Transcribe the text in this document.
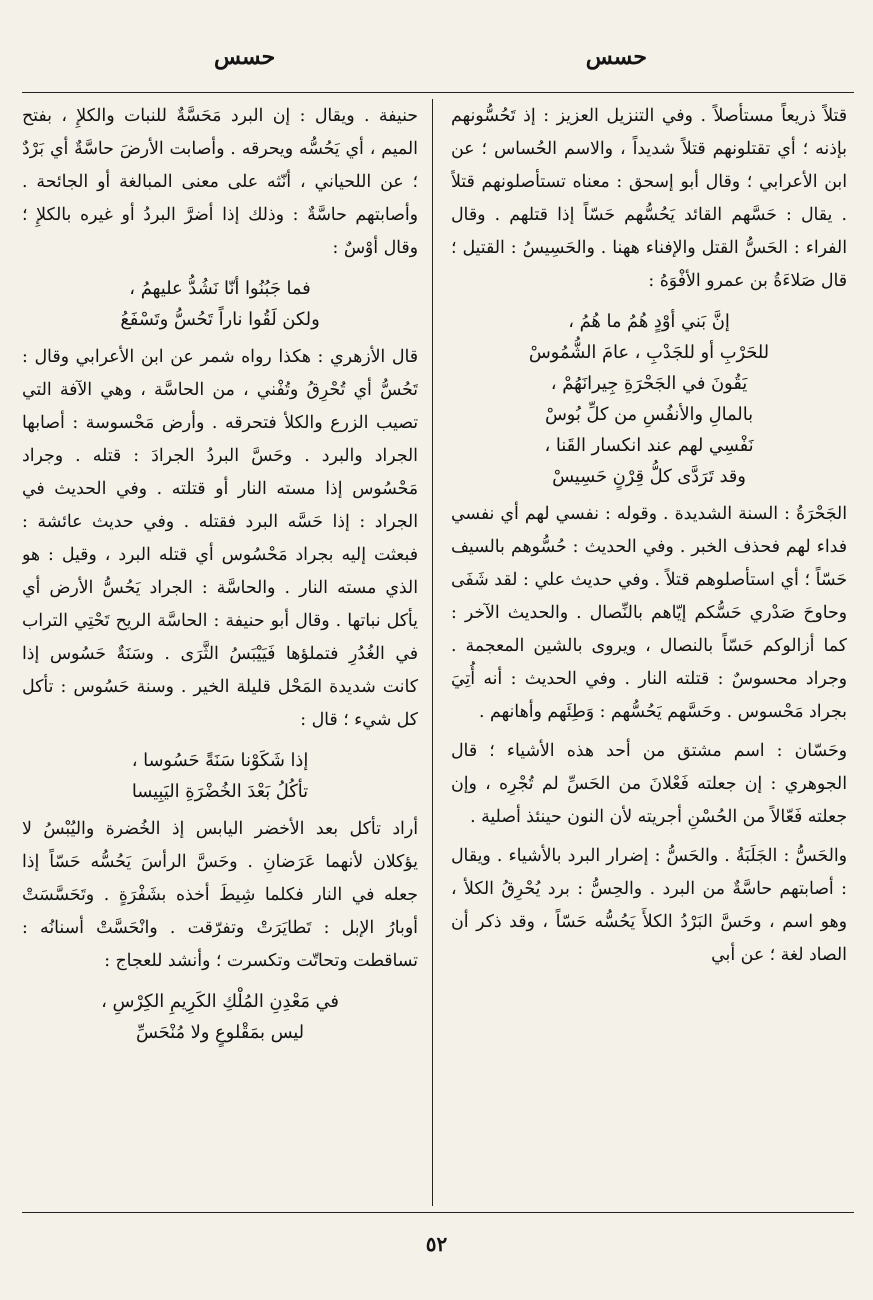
حسس
حسس

قتلاً ذريعاً مستأصلاً . وفي التنزيل العزيز : إذ تَحُسُّونهم بإذنه ؛ أي تقتلونهم قتلاً شديداً ، والاسم الحُساس ؛ عن ابن الأعرابي ؛ وقال أبو إسحق : معناه تستأصلونهم قتلاً . يقال : حَسَّهم القائد يَحُسُّهم حَسّاً إذا قتلهم . وقال الفراء : الحَسُّ القتل والإفناء ههنا . والحَسِيسُ : القتيل ؛ قال صَلاءَةُ بن عمرو الأفْوَهُ :

إنَّ بَني أوْدٍ هُمُ ما هُمُ ،
للحَرْبِ أو للجَدْبِ ، عامَ الشُّمُوسْ
يَقُونَ في الجَحْرَةِ جِيرانَهُمْ ،
بالمالِ والأنفُسِ من كلِّ بُوسْ
نَفْسِي لهم عند انكسار القَنا ،
وقد تَرَدَّى كلُّ قِرْنٍ حَسِيسْ

الجَحْرَةُ : السنة الشديدة . وقوله : نفسي لهم أي نفسي فداء لهم فحذف الخبر . وفي الحديث : حُسُّوهم بالسيف حَسّاً ؛ أي استأصلوهم قتلاً . وفي حديث علي : لقد شَفَى وحاوحَ صَدْري حَسُّكم إيّاهم بالنِّصال . والحديث الآخر : كما أزالوكم حَسّاً بالنصال ، ويروى بالشين المعجمة . وجراد محسوسٌ : قتلته النار . وفي الحديث : أنه أُتِيَ بجراد مَحْسوس . وحَسَّهم يَحُسُّهم : وَطِئَهم وأهانهم .

وحَسّان : اسم مشتق من أحد هذه الأشياء ؛ قال الجوهري : إن جعلته فَعْلانَ من الحَسِّ لم تُجْرِه ، وإن جعلته فَعّالاً من الحُسْنِ أجريته لأن النون حينئذ أصلية .

والحَسُّ : الجَلَبَةُ . والحَسُّ : إضرار البرد بالأشياء . ويقال : أصابتهم حاسَّةٌ من البرد . والحِسُّ : برد يُحْرِقُ الكلأ ، وهو اسم ، وحَسَّ البَرْدُ الكلأَ يَحُسُّه حَسّاً ، وقد ذكر أن الصاد لغة ؛ عن أبي

حنيفة . ويقال : إن البرد مَحَسَّةٌ للنبات والكلإِ ، بفتح الميم ، أي يَحُسُّه ويحرقه . وأصابت الأرضَ حاسَّةٌ أي بَرْدٌ ؛ عن اللحياني ، أنّثه على معنى المبالغة أو الجائحة . وأصابتهم حاسَّةٌ : وذلك إذا أضرَّ البردُ أو غيره بالكلإِ ؛ وقال أوْسٌ :

فما جَبُنُوا أنّا نَشُدُّ عليهمُ ،
ولكن لَقُوا ناراً تَحُسُّ وتَسْفَعُ

قال الأزهري : هكذا رواه شمر عن ابن الأعرابي وقال : تَحُسُّ أي تُحْرِقُ وتُفْني ، من الحاسَّة ، وهي الآفة التي تصيب الزرع والكلأ فتحرقه . وأرض مَحْسوسة : أصابها الجراد والبرد . وحَسَّ البردُ الجرادَ : قتله . وجراد مَحْسُوس إذا مسته النار أو قتلته . وفي الحديث في الجراد : إذا حَسَّه البرد فقتله . وفي حديث عائشة : فبعثت إليه بجراد مَحْسُوس أي قتله البرد ، وقيل : هو الذي مسته النار . والحاسَّة : الجراد يَحُسُّ الأرض أي يأكل نباتها . وقال أبو حنيفة : الحاسَّة الريح تَحْتِي التراب في الغُدُرِ فتملؤها فَيَيْبَسُ الثَّرَى . وسَنَةٌ حَسُوس إذا كانت شديدة المَحْل قليلة الخير . وسنة حَسُوس : تأكل كل شيء ؛ قال :

إذا شَكَوْنا سَنَةً حَسُوسا ،
تأكُلُ بَعْدَ الخُضْرَةِ اليَبِيسا

أراد تأكل بعد الأخضر اليابس إذ الخُضرة واليُبْسُ لا يؤكلان لأنهما عَرَضانِ . وحَسَّ الرأسَ يَحُسُّه حَسّاً إذا جعله في النار فكلما شِيطَ أخذه بشَفْرَةٍ . وتَحَسَّسَتْ أوبارُ الإبل : تَطايَرَتْ وتفرّقت . وانْحَسَّتْ أسنانُه : تساقطت وتحاتّت وتكسرت ؛ وأنشد للعجاج :

في مَعْدِنِ المُلْكِ الكَرِيمِ الكِرْسِ ،
ليس بمَقْلوعٍ ولا مُنْحَسِّ
٥٢
